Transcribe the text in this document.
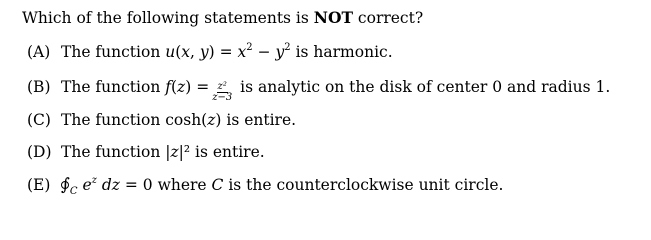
Which of the following statements is NOT correct?
(A) The function u (x, $y) = x^2 - y^2$ is harmonic.
(B) The function f $(z) = \frac{\text{z²}}{z-3}$ is analytic on the disk of center 0 and radius 1.
(C) The function cosh( z ) is entire.
(D) The function | z |² is entire.
(E) ∫ C $e^z$ dz = 0 where C is the counterclockwise unit circle.
